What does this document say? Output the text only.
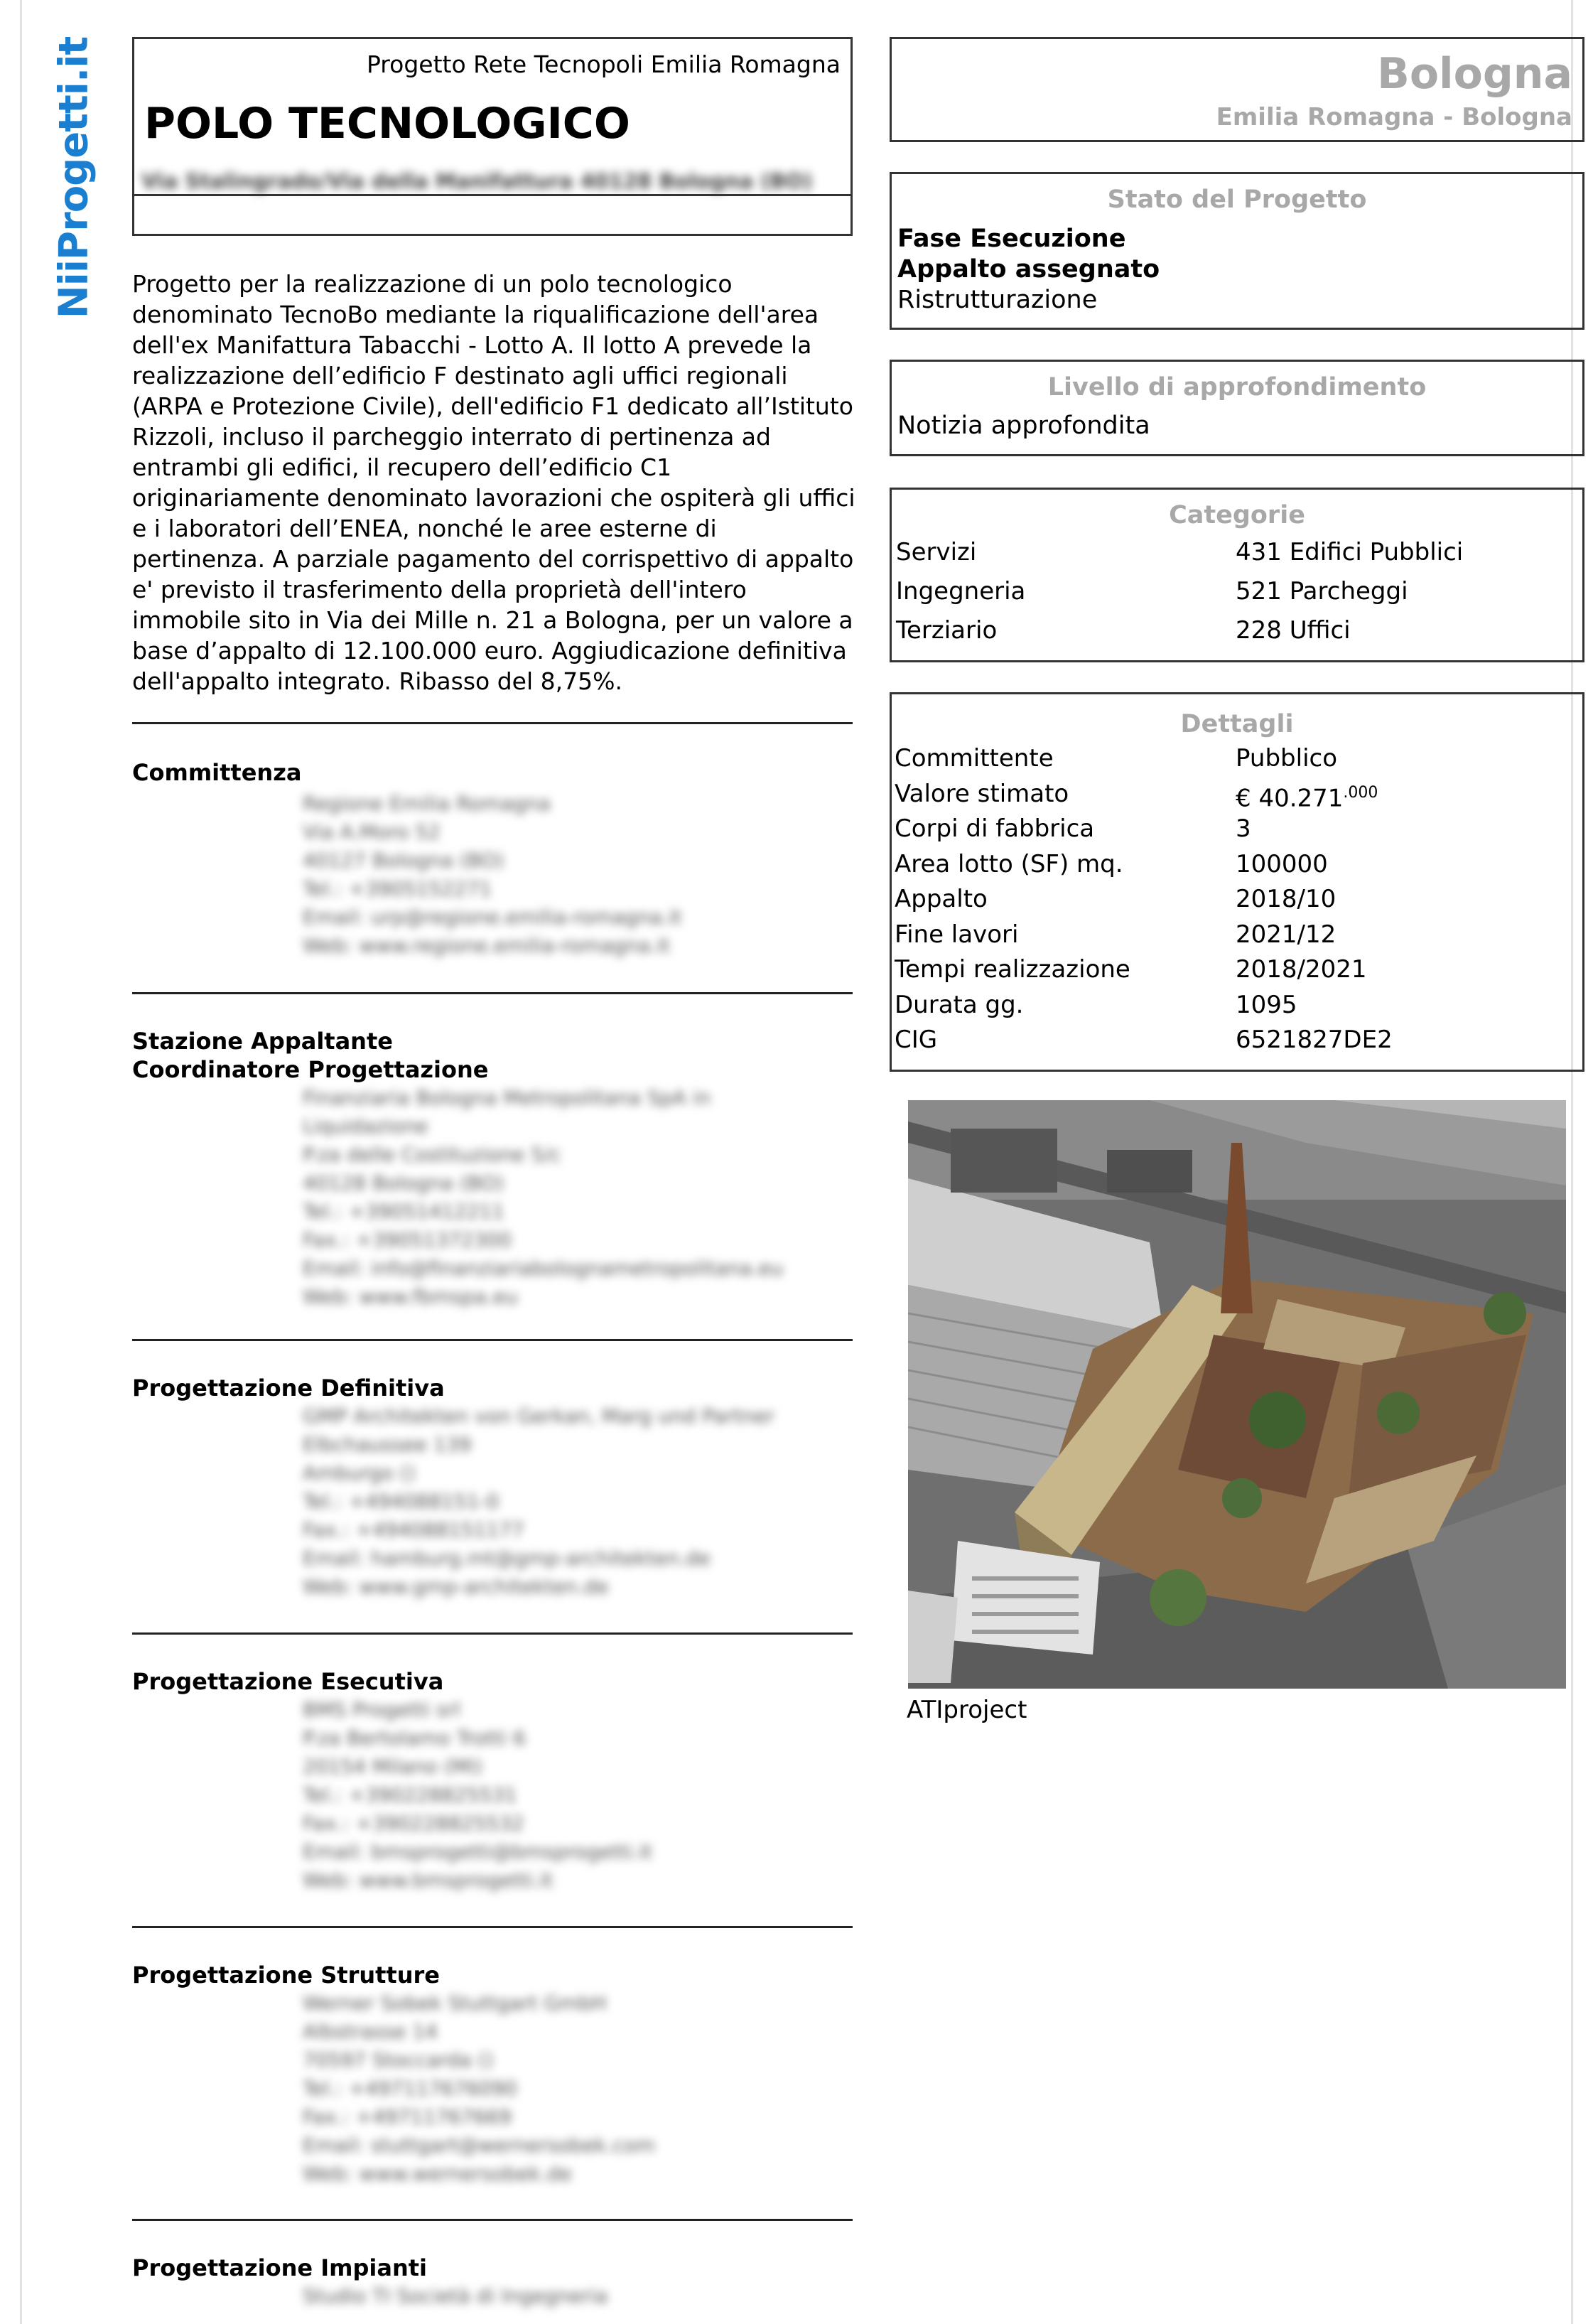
NiiProgetti.it	Progetto Rete Tecnopoli Emilia Romagna
POLO TECNOLOGICO
Via Stalingrado/Via della Manifattura 40128 Bologna (BO)
Progetto per la realizzazione di un polo tecnologico denominato TecnoBo mediante la riqualificazione dell'area dell'ex Manifattura Tabacchi - Lotto A. Il lotto A prevede la realizzazione dell’edificio F destinato agli uffici regionali (ARPA e Protezione Civile), dell'edificio F1 dedicato all’Istituto Rizzoli, incluso il parcheggio interrato di pertinenza ad entrambi gli edifici, il recupero dell’edificio C1 originariamente denominato lavorazioni che ospiterà gli uffici e i laboratori dell’ENEA, nonché le aree esterne di pertinenza. A parziale pagamento del corrispettivo di appalto e' previsto il trasferimento della proprietà dell'intero immobile sito in Via dei Mille n. 21 a Bologna, per un valore a base d’appalto di 12.100.000 euro. Aggiudicazione definitiva dell'appalto integrato. Ribasso del 8,75%.
Committenza
Regione Emilia Romagna
Via A.Moro 52
40127 Bologna (BO)
Tel.: +3905152271
Email: urp@regione.emilia-romagna.it
Web: www.regione.emilia-romagna.it
Stazione Appaltante
Coordinatore Progettazione
Finanziaria Bologna Metropolitana SpA in
Liquidazione
P.za delle Costituzione 5/c
40128 Bologna (BO)
Tel.: +39051412211
Fax.: +39051372300
Email: info@finanziariabolognametropolitana.eu
Web: www.fbmspa.eu
Progettazione Definitiva
GMP Architekten von Gerkan, Marg und Partner
Elbchaussee 139
Amburgo ()
Tel.: +494088151-0
Fax.: +494088151177
Email: hamburg.mt@gmp-architekten.de
Web: www.gmp-architekten.de
Progettazione Esecutiva
BMS Progetti srl
P.za Bertolamo Trotti 6
20154 Milano (MI)
Tel.: +390228825531
Fax.: +390228825532
Email: bmsprogetti@bmsprogetti.it
Web: www.bmsprogetti.it
Progettazione Strutture
Werner Sobek Stuttgart GmbH
Albstrasse 14
70597 Stoccarda ()
Tel.: +497117676090
Fax.: +49711767669
Email: stuttgart@wernersobek.com
Web: www.wernersobek.de
Progettazione Impianti
Studio TI Società di Ingegneria
Bologna
Emilia Romagna - Bologna
Stato del Progetto
Fase Esecuzione
Appalto assegnato
Ristrutturazione
Livello di approfondimento
Notizia approfondita
Categorie
Servizi	431 Edifici Pubblici
Ingegneria	521 Parcheggi
Terziario	228 Uffici
Dettagli
Committente	Pubblico
Valore stimato	€ $40.271^{.000}$
Corpi di fabbrica	3
Area lotto (SF) mq.	100000
Appalto	2018/10
Fine lavori	2021/12
Tempi realizzazione	2018/2021
Durata gg.	1095
CIG	6521827DE2
ATIproject
